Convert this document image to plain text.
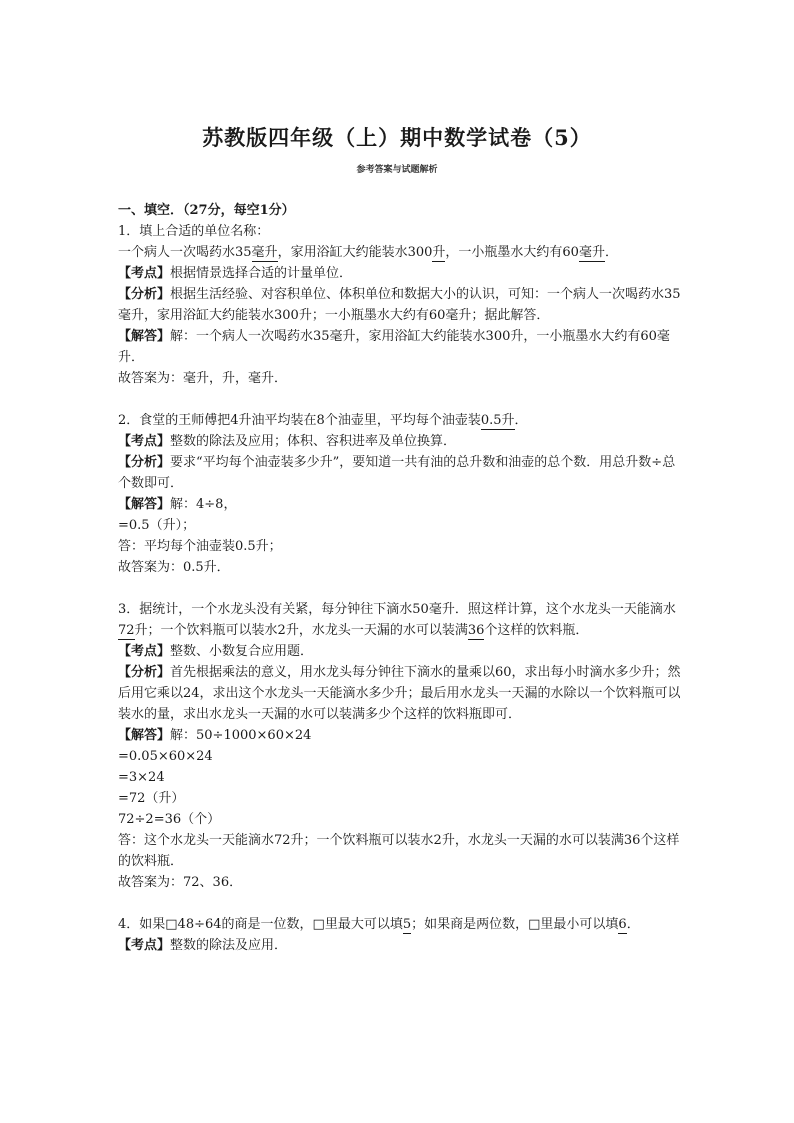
苏教版四年级（上）期中数学试卷（5）
参考答案与试题解析

一、填空．（27分，每空1分）

1．填上合适的单位名称：

一个病人一次喝药水35毫升，家用浴缸大约能装水300升，一小瓶墨水大约有60毫升．

【考点】根据情景选择合适的计量单位．

【分析】根据生活经验、对容积单位、体积单位和数据大小的认识，可知：一个病人一次喝药水35毫升，家用浴缸大约能装水300升；一小瓶墨水大约有60毫升；据此解答．

【解答】解：一个病人一次喝药水35毫升，家用浴缸大约能装水300升，一小瓶墨水大约有60毫升．

故答案为：毫升，升，毫升．

2．食堂的王师傅把4升油平均装在8个油壶里，平均每个油壶装0.5升．

【考点】整数的除法及应用；体积、容积进率及单位换算．

【分析】要求“平均每个油壶装多少升”，要知道一共有油的总升数和油壶的总个数．用总升数÷总个数即可．

【解答】解：4÷8，

=0.5（升）；

答：平均每个油壶装0.5升；

故答案为：0.5升．

3．据统计，一个水龙头没有关紧，每分钟往下滴水50毫升．照这样计算，这个水龙头一天能滴水72升；一个饮料瓶可以装水2升，水龙头一天漏的水可以装满36个这样的饮料瓶．

【考点】整数、小数复合应用题．

【分析】首先根据乘法的意义，用水龙头每分钟往下滴水的量乘以60，求出每小时滴水多少升；然后用它乘以24，求出这个水龙头一天能滴水多少升；最后用水龙头一天漏的水除以一个饮料瓶可以装水的量，求出水龙头一天漏的水可以装满多少个这样的饮料瓶即可．

【解答】解：50÷1000×60×24

=0.05×60×24

=3×24

=72（升）

72÷2=36（个）

答：这个水龙头一天能滴水72升；一个饮料瓶可以装水2升，水龙头一天漏的水可以装满36个这样的饮料瓶．

故答案为：72、36．

4．如果□48÷64的商是一位数，□里最大可以填5；如果商是两位数，□里最小可以填6．

【考点】整数的除法及应用．
